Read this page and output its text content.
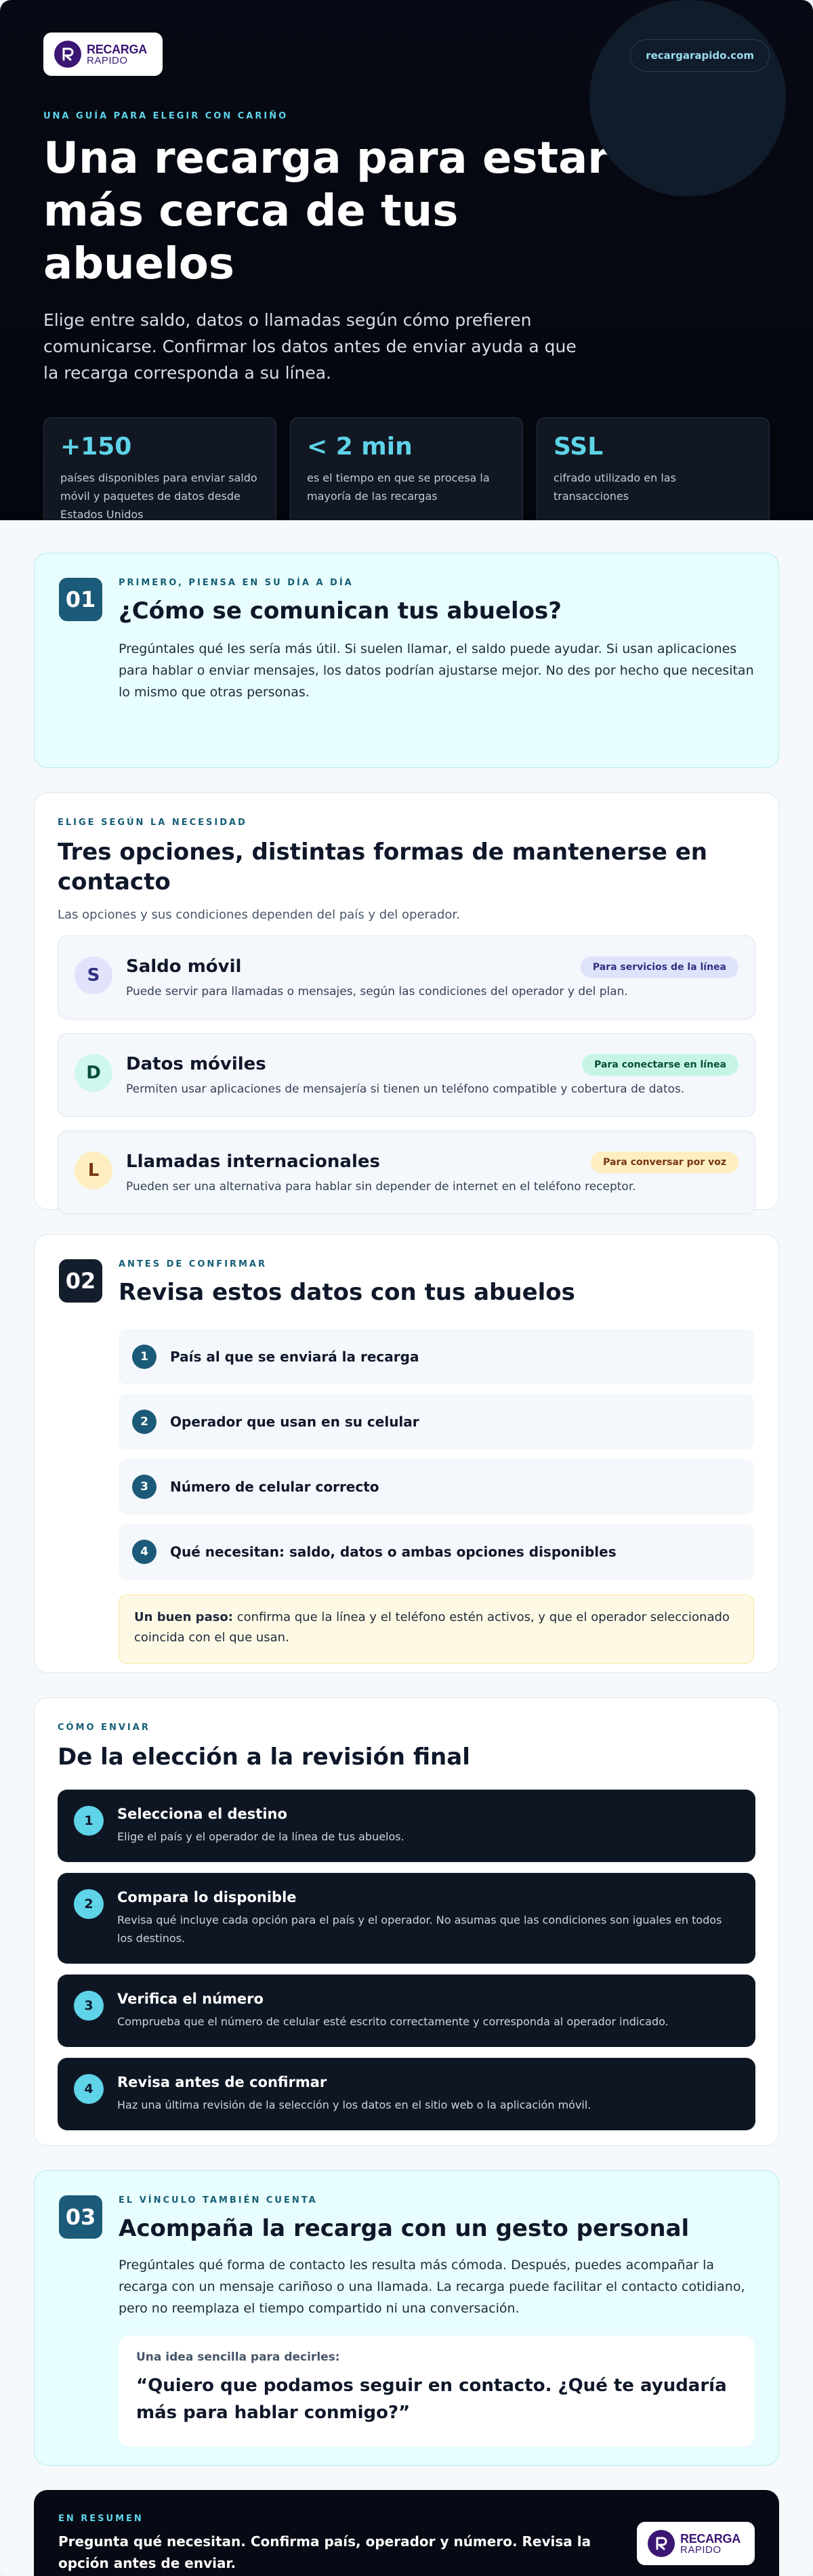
RECARGA
RAPIDO	recargarapido.com
UNA GUÍA PARA ELEGIR CON CARIÑO
Una recarga para estar más cerca de tus abuelos

Elige entre saldo, datos o llamadas según cómo prefieren comunicarse. Confirmar los datos antes de enviar ayuda a que la recarga corresponda a su línea.

+150
países disponibles para enviar saldo móvil y paquetes de datos desde Estados Unidos
< 2 min
es el tiempo en que se procesa la mayoría de las recargas
SSL
cifrado utilizado en las transacciones
01
PRIMERO, PIENSA EN SU DÍA A DÍA
¿Cómo se comunican tus abuelos?

Pregúntales qué les sería más útil. Si suelen llamar, el saldo puede ayudar. Si usan aplicaciones para hablar o enviar mensajes, los datos podrían ajustarse mejor. No des por hecho que necesitan lo mismo que otras personas.

ELIGE SEGÚN LA NECESIDAD
Tres opciones, distintas formas de mantenerse en contacto

Las opciones y sus condiciones dependen del país y del operador.

S	Saldo móvil
Puede servir para llamadas o mensajes, según las condiciones del operador y del plan.
Para servicios de la línea
D	Datos móviles
Permiten usar aplicaciones de mensajería si tienen un teléfono compatible y cobertura de datos.
Para conectarse en línea
L	Llamadas internacionales
Pueden ser una alternativa para hablar sin depender de internet en el teléfono receptor.
Para conversar por voz
02
ANTES DE CONFIRMAR
Revisa estos datos con tus abuelos
1	País al que se enviará la recarga
2	Operador que usan en su celular
3	Número de celular correcto
4	Qué necesitan: saldo, datos o ambas opciones disponibles
Un buen paso: confirma que la línea y el teléfono estén activos, y que el operador seleccionado coincida con el que usan.
CÓMO ENVIAR
De la elección a la revisión final
1	Selecciona el destino
Elige el país y el operador de la línea de tus abuelos.
2	Compara lo disponible
Revisa qué incluye cada opción para el país y el operador. No asumas que las condiciones son iguales en todos los destinos.
3	Verifica el número
Comprueba que el número de celular esté escrito correctamente y corresponda al operador indicado.
4	Revisa antes de confirmar
Haz una última revisión de la selección y los datos en el sitio web o la aplicación móvil.
03
EL VÍNCULO TAMBIÉN CUENTA
Acompaña la recarga con un gesto personal

Pregúntales qué forma de contacto les resulta más cómoda. Después, puedes acompañar la recarga con un mensaje cariñoso o una llamada. La recarga puede facilitar el contacto cotidiano, pero no reemplaza el tiempo compartido ni una conversación.

Una idea sencilla para decirles:
“Quiero que podamos seguir en contacto. ¿Qué te ayudaría más para hablar conmigo?”
EN RESUMEN
Pregunta qué necesitan. Confirma país, operador y número. Revisa la opción antes de enviar.
RECARGA
RAPIDO
